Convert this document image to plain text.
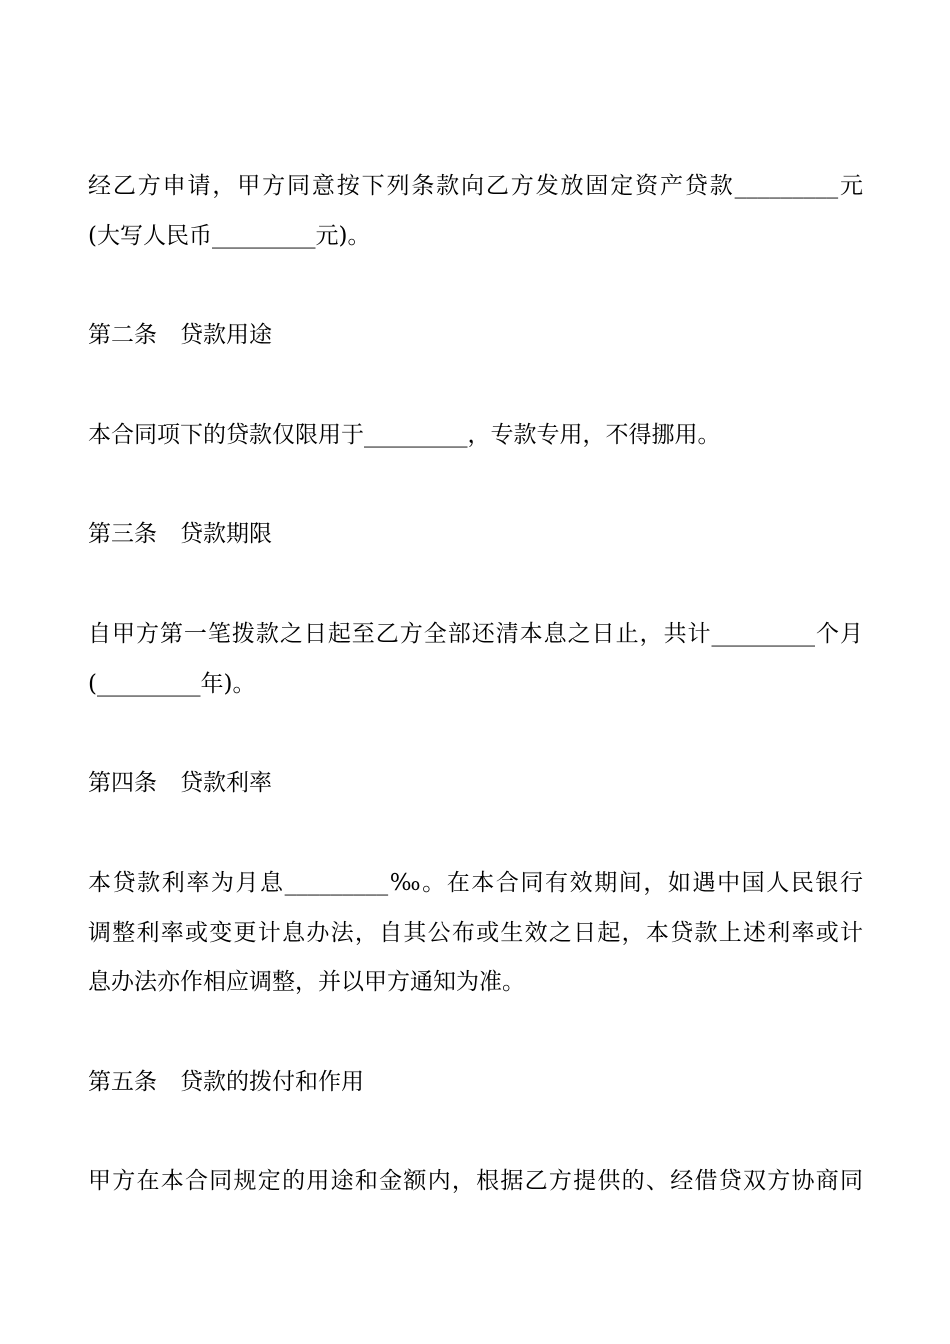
经乙方申请，甲方同意按下列条款向乙方发放固定资产贷款_________元
(大写人民币_________元)。
第二条　贷款用途
本合同项下的贷款仅限用于_________，专款专用，不得挪用。
第三条　贷款期限
自甲方第一笔拨款之日起至乙方全部还清本息之日止，共计_________个月
(_________年)。
第四条　贷款利率
本贷款利率为月息_________‰。在本合同有效期间，如遇中国人民银行
调整利率或变更计息办法，自其公布或生效之日起，本贷款上述利率或计
息办法亦作相应调整，并以甲方通知为准。
第五条　贷款的拨付和作用
甲方在本合同规定的用途和金额内，根据乙方提供的、经借贷双方协商同
